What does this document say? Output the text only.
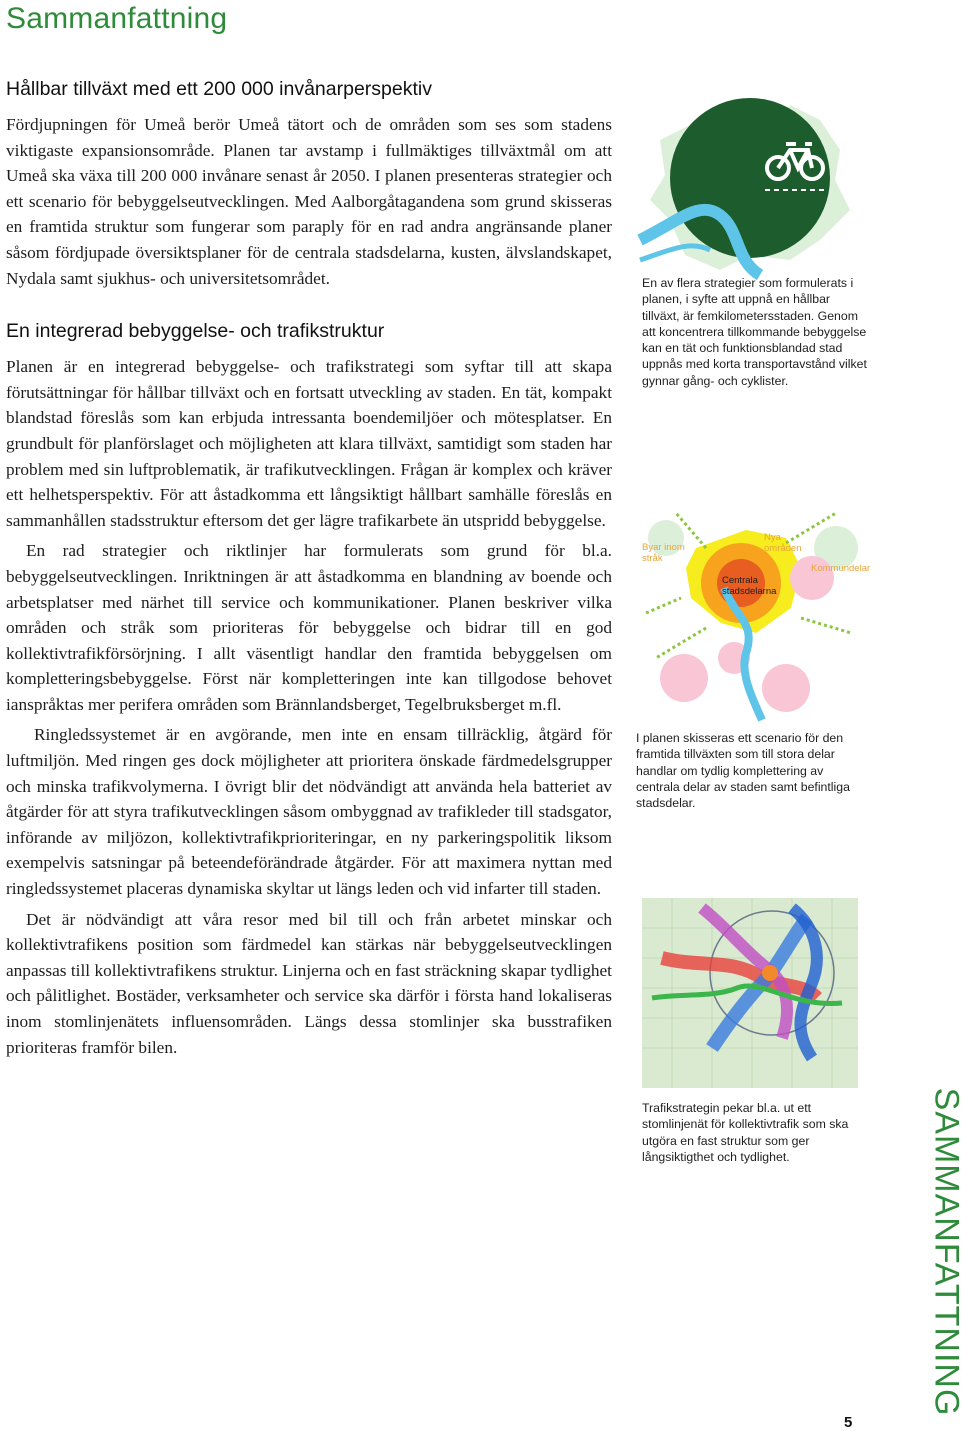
Sammanfattning
Hållbar tillväxt med ett 200 000 invånarperspektiv

Fördjupningen för Umeå berör Umeå tätort och de områden som ses som stadens viktigaste expansionsområde. Planen tar avstamp i fullmäktiges tillväxtmål om att Umeå ska växa till 200 000 invånare senast år 2050. I planen presenteras strategier och ett scenario för bebyggelseutvecklingen. Med Aalborgåtagandena som grund skisseras en framtida struktur som fungerar som paraply för en rad andra angränsande planer såsom fördjupade översiktsplaner för de centrala stadsdelarna, kusten, älvslandskapet, Nydala samt sjukhus- och universitetsområdet.

En integrerad bebyggelse- och trafikstruktur

Planen är en integrerad bebyggelse- och trafikstrategi som syftar till att skapa förutsättningar för hållbar tillväxt och en fortsatt utveckling av staden. En tät, kompakt blandstad föreslås som kan erbjuda intressanta boendemiljöer och mötesplatser. En grundbult för planförslaget och möjligheten att klara tillväxt, samtidigt som staden har problem med sin luftproblematik, är trafikutvecklingen. Frågan är komplex och kräver ett helhetsperspektiv. För att åstadkomma ett långsiktigt hållbart samhälle föreslås en sammanhållen stadsstruktur eftersom det ger lägre trafikarbete än utspridd bebyggelse.

En rad strategier och riktlinjer har formulerats som grund för bl.a. bebyggelseutvecklingen. Inriktningen är att åstadkomma en blandning av boende och arbetsplatser med närhet till service och kommunikationer. Planen beskriver vilka områden och stråk som prioriteras för bebyggelse och bidrar till en god kollektivtrafikförsörjning. I allt väsentligt handlar den framtida bebyggelsen om kompletteringsbebyggelse. Först när kompletteringen inte kan tillgodose behovet ianspråktas mer perifera områden som Brännlandsberget, Tegelbruksberget m.fl.

Ringledssystemet är en avgörande, men inte en ensam tillräcklig, åtgärd för luftmiljön. Med ringen ges dock möjligheter att prioritera önskade färdmedelsgrupper och minska trafikvolymerna. I övrigt blir det nödvändigt att använda hela batteriet av åtgärder för att styra trafikutvecklingen såsom ombyggnad av trafikleder till stadsgator, införande av miljözon, kollektivtrafikprioriteringar, en ny parkeringspolitik liksom exempelvis satsningar på beteendeförändrade åtgärder. För att maximera nyttan med ringledssystemet placeras dynamiska skyltar ut längs leden och vid infarter till staden.

Det är nödvändigt att våra resor med bil till och från arbetet minskar och kollektivtrafikens position som färdmedel kan stärkas när bebyggelseutvecklingen anpassas till kollektivtrafikens struktur. Linjerna och en fast sträckning skapar tydlighet och pålitlighet. Bostäder, verksamheter och service ska därför i första hand lokaliseras inom stomlinjenätets influensområden. Längs dessa stomlinjer ska busstrafiken prioriteras framför bilen.

En av flera strategier som formulerats i planen, i syfte att uppnå en hållbar tillväxt, är femkilometersstaden. Genom att koncentrera tillkommande bebyggelse kan en tät och funktionsblandad stad uppnås med korta transportavstånd vilket gynnar gång- och cyklister.

Byar inom stråk
Nya områden
Centrala stadsdelarna
Kommundelar

I planen skisseras ett scenario för den framtida tillväxten som till stora delar handlar om tydlig komplettering av centrala delar av staden samt befintliga stadsdelar.

Trafikstrategin pekar bl.a. ut ett stomlinjenät för kollektivtrafik som ska utgöra en fast struktur som ger långsiktigthet och tydlighet.	SAMMANFATTNING
5
